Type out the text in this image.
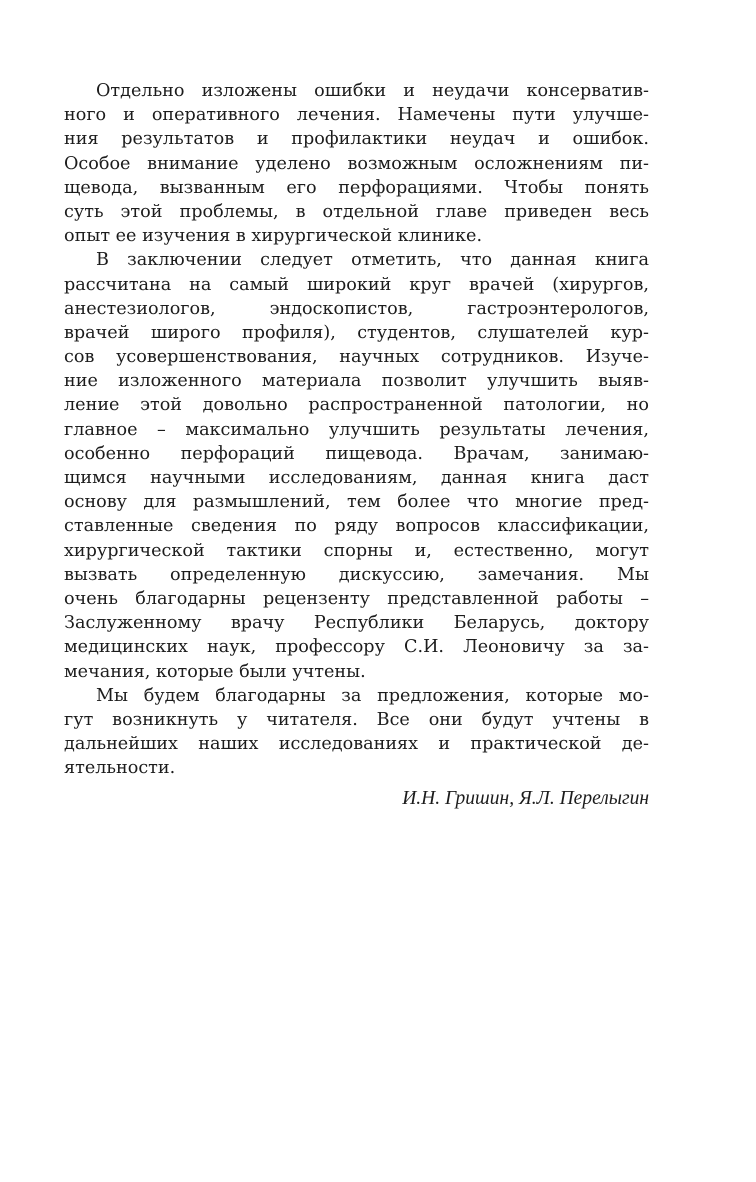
Отдельно изложены ошибки и неудачи консерватив-
ного и оперативного лечения. Намечены пути улучше-
ния результатов и профилактики неудач и ошибок.
Особое внимание уделено возможным осложнениям пи-
щевода, вызванным его перфорациями. Чтобы понять
суть этой проблемы, в отдельной главе приведен весь
опыт ее изучения в хирургической клинике.
В заключении следует отметить, что данная книга
рассчитана на самый широкий круг врачей (хирургов,
анестезиологов, эндоскопистов, гастроэнтерологов,
врачей широго профиля), студентов, слушателей кур-
сов усовершенствования, научных сотрудников. Изуче-
ние изложенного материала позволит улучшить выяв-
ление этой довольно распространенной патологии, но
главное – максимально улучшить результаты лечения,
особенно перфораций пищевода. Врачам, занимаю-
щимся научными исследованиям, данная книга даст
основу для размышлений, тем более что многие пред-
ставленные сведения по ряду вопросов классификации,
хирургической тактики спорны и, естественно, могут
вызвать определенную дискуссию, замечания. Мы
очень благодарны рецензенту представленной работы –
Заслуженному врачу Республики Беларусь, доктору
медицинских наук, профессору С.И. Леоновичу за за-
мечания, которые были учтены.
Мы будем благодарны за предложения, которые мо-
гут возникнуть у читателя. Все они будут учтены в
дальнейших наших исследованиях и практической де-
ятельности.
И.Н. Гришин, Я.Л. Перелыгин
